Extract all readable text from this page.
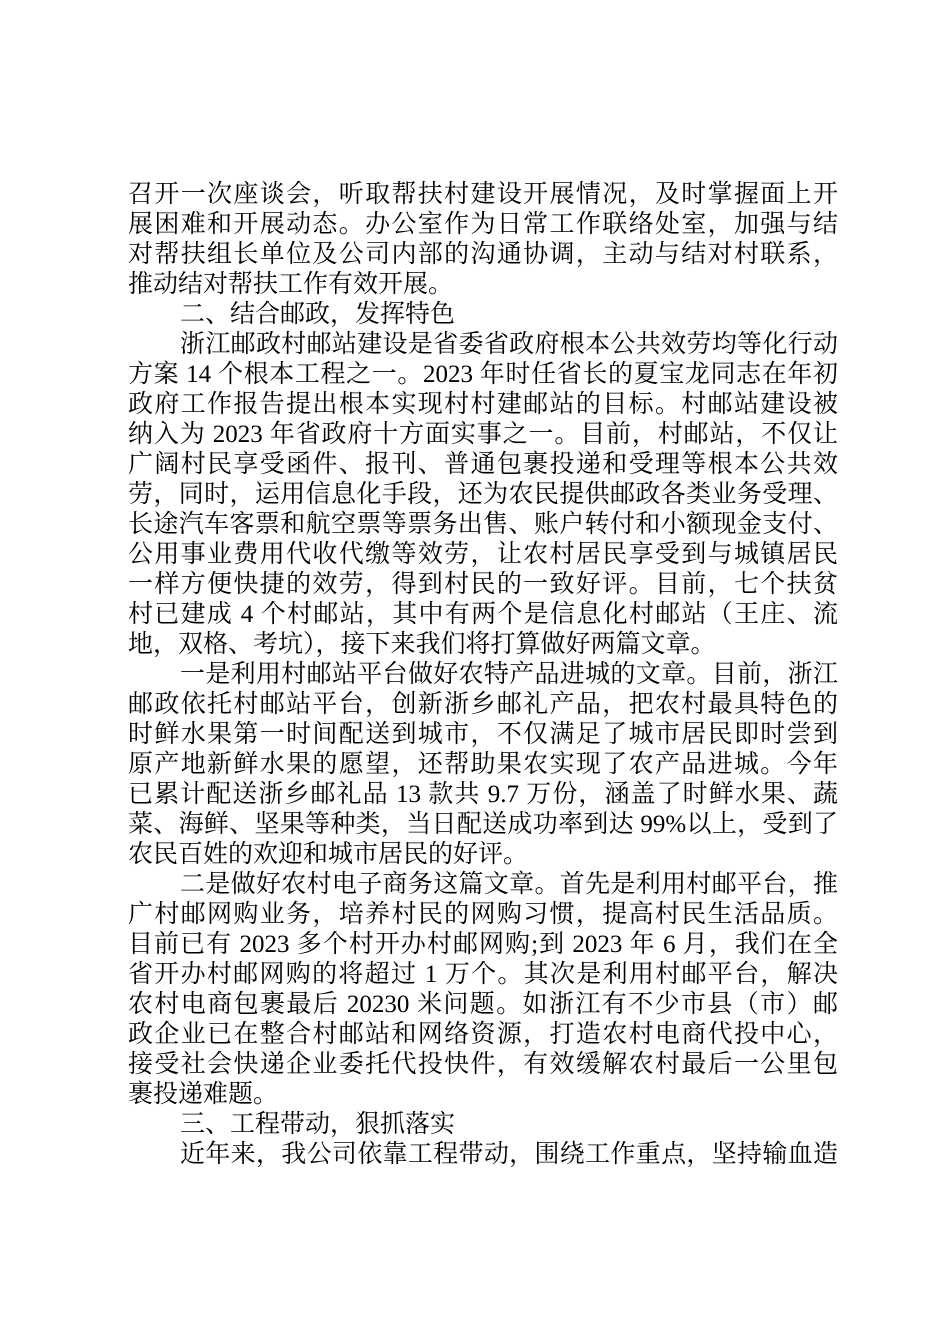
召开一次座谈会，听取帮扶村建设开展情况，及时掌握面上开
展困难和开展动态。办公室作为日常工作联络处室，加强与结
对帮扶组长单位及公司内部的沟通协调，主动与结对村联系，
推动结对帮扶工作有效开展。
二、结合邮政，发挥特色
浙江邮政村邮站建设是省委省政府根本公共效劳均等化行动
方案 14 个根本工程之一。2023 年时任省长的夏宝龙同志在年初
政府工作报告提出根本实现村村建邮站的目标。村邮站建设被
纳入为 2023 年省政府十方面实事之一。目前，村邮站，不仅让
广阔村民享受函件、报刊、普通包裹投递和受理等根本公共效
劳，同时，运用信息化手段，还为农民提供邮政各类业务受理、
长途汽车客票和航空票等票务出售、账户转付和小额现金支付、
公用事业费用代收代缴等效劳，让农村居民享受到与城镇居民
一样方便快捷的效劳，得到村民的一致好评。目前，七个扶贫
村已建成 4 个村邮站，其中有两个是信息化村邮站（王庄、流
地，双格、考坑），接下来我们将打算做好两篇文章。
一是利用村邮站平台做好农特产品进城的文章。目前，浙江
邮政依托村邮站平台，创新浙乡邮礼产品，把农村最具特色的
时鲜水果第一时间配送到城市，不仅满足了城市居民即时尝到
原产地新鲜水果的愿望，还帮助果农实现了农产品进城。今年
已累计配送浙乡邮礼品 13 款共 9.7 万份，涵盖了时鲜水果、蔬
菜、海鲜、坚果等种类，当日配送成功率到达 99%以上，受到了
农民百姓的欢迎和城市居民的好评。
二是做好农村电子商务这篇文章。首先是利用村邮平台，推
广村邮网购业务，培养村民的网购习惯，提高村民生活品质。
目前已有 2023 多个村开办村邮网购;到 2023 年 6 月，我们在全
省开办村邮网购的将超过 1 万个。其次是利用村邮平台，解决
农村电商包裹最后 20230 米问题。如浙江有不少市县（市）邮
政企业已在整合村邮站和网络资源，打造农村电商代投中心，
接受社会快递企业委托代投快件，有效缓解农村最后一公里包
裹投递难题。
三、工程带动，狠抓落实
近年来，我公司依靠工程带动，围绕工作重点，坚持输血造
